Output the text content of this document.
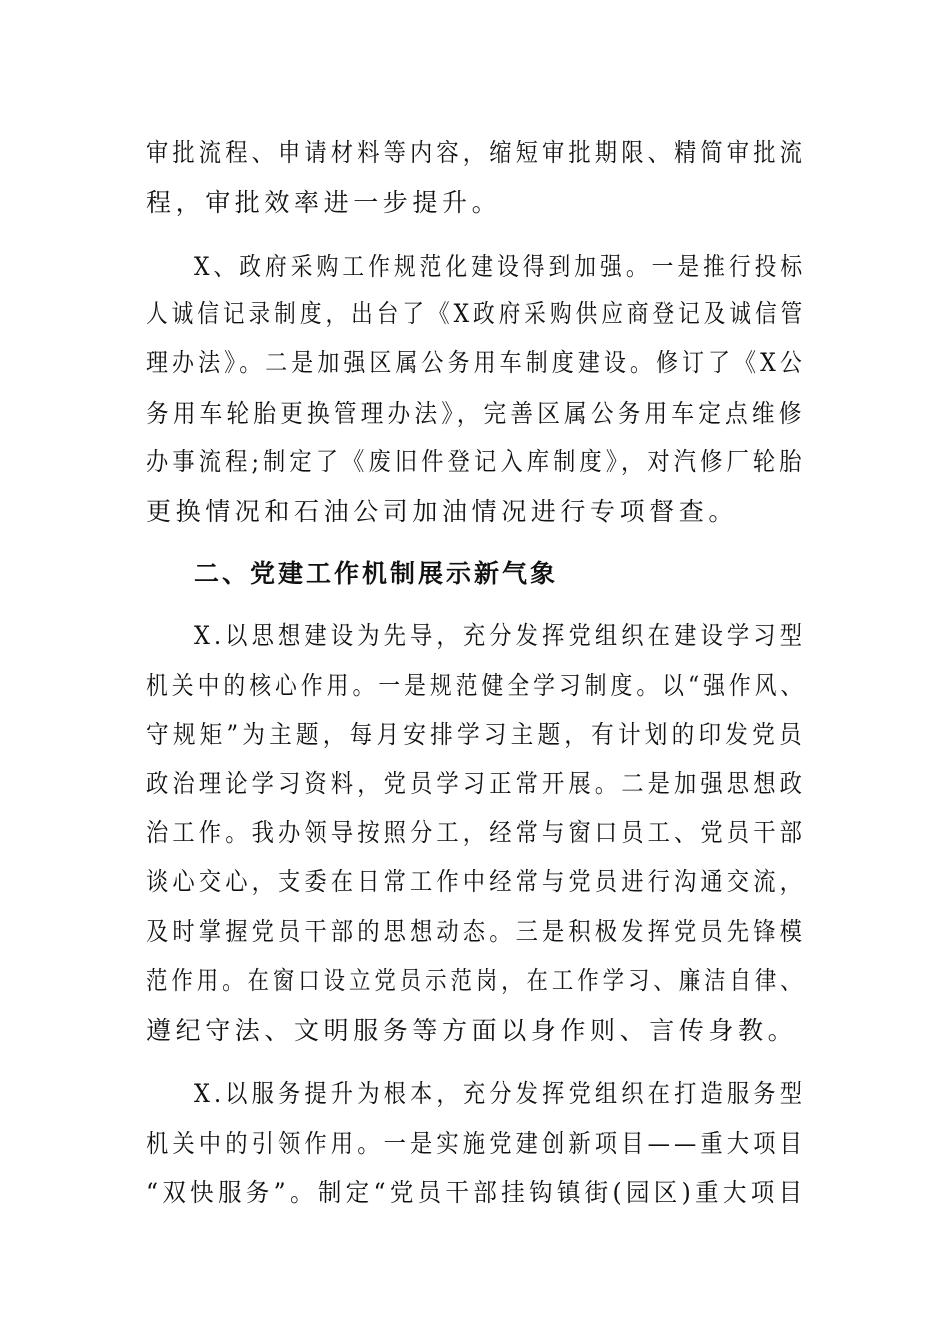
审批流程、申请材料等内容，缩短审批期限、精简审批流
程，审批效率进一步提升。
X、政府采购工作规范化建设得到加强。一是推行投标
人诚信记录制度，出台了《X政府采购供应商登记及诚信管
理办法》。二是加强区属公务用车制度建设。修订了《X公
务用车轮胎更换管理办法》，完善区属公务用车定点维修
办事流程;制定了《废旧件登记入库制度》，对汽修厂轮胎
更换情况和石油公司加油情况进行专项督查。
二、党建工作机制展示新气象
X.以思想建设为先导，充分发挥党组织在建设学习型
机关中的核心作用。一是规范健全学习制度。以“强作风、
守规矩”为主题，每月安排学习主题，有计划的印发党员
政治理论学习资料，党员学习正常开展。二是加强思想政
治工作。我办领导按照分工，经常与窗口员工、党员干部
谈心交心，支委在日常工作中经常与党员进行沟通交流，
及时掌握党员干部的思想动态。三是积极发挥党员先锋模
范作用。在窗口设立党员示范岗，在工作学习、廉洁自律、
遵纪守法、文明服务等方面以身作则、言传身教。
X.以服务提升为根本，充分发挥党组织在打造服务型
机关中的引领作用。一是实施党建创新项目——重大项目
“双快服务”。制定“党员干部挂钩镇街(园区)重大项目
